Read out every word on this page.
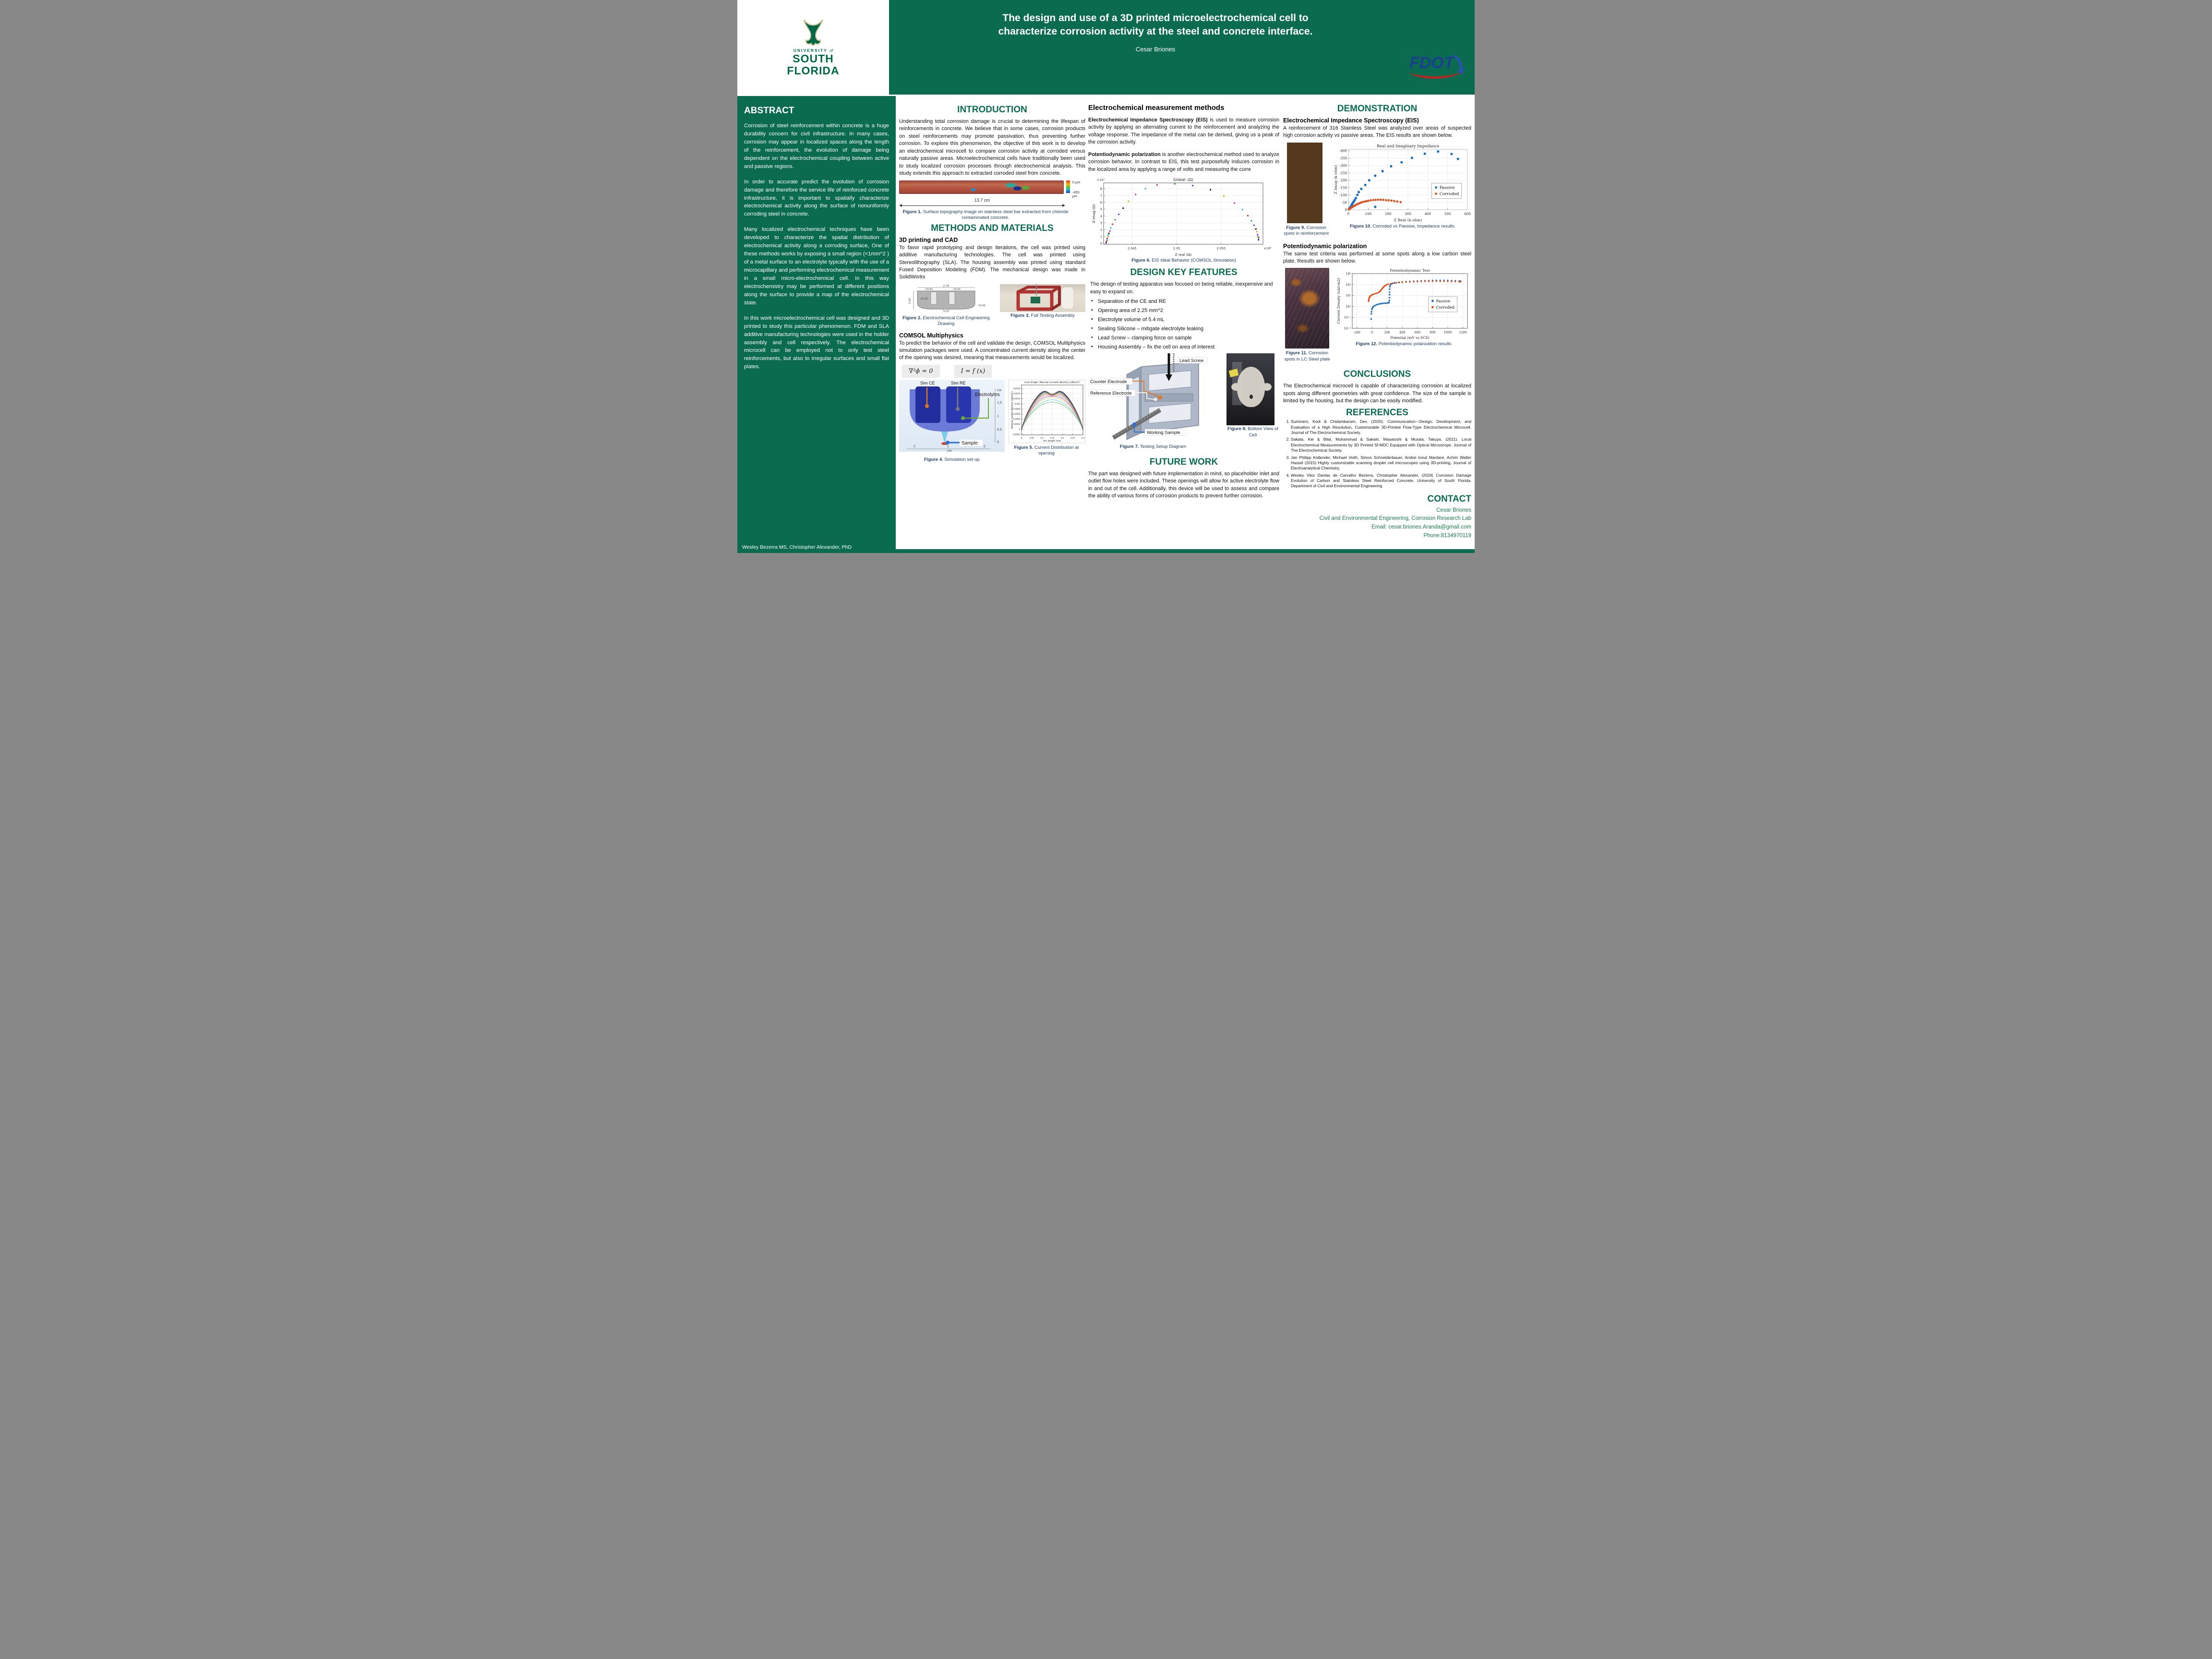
UNIVERSITY of
SOUTH
FLORIDA
The design and use of a 3D printed microelectrochemical cell to
characterize corrosion activity at the steel and concrete interface.
Cesar Briones
FDOT
ABSTRACT

Corrosion of steel reinforcement within concrete is a huge durability concern for civil infrastructure. In many cases, corrosion may appear in localized spaces along the length of the reinforcement, the evolution of damage being dependent on the electrochemical coupling between active and passive regions.

In order to accurate predict the evolution of corrosion damage and therefore the service life of reinforced concrete infrastructure, it is important to spatially characterize electrochemical activity along the surface of nonuniformly corroding steel in concrete.

Many localized electrochemical techniques have been developed to characterize the spatial distribution of electrochemical activity along a corroding surface, One of these methods works by exposing a small region (<1mm^2 ) of a metal surface to an electrolyte typically with the use of a microcapillary and performing electrochemical measurement in a small micro-electrochemical cell. In this way electrochemistry may be performed at different positions along the surface to provide a map of the electrochemical state.

In this work microelectrochemical cell was designed and 3D printed to study this particular phenomenon. FDM and SLA additive manufacturing technologies were used in the holder assembly and cell respectively. The electrochemical microcell can be employed not to only test steel reinforcements, but also to irregular surfaces and small flat plates.

Wesley Bezerra MS, Christopher Alexander, PhD
INTRODUCTION

Understanding total corrosion damage is crucial to determining the lifespan of reinforcements in concrete. We believe that in some cases, corrosion products on steel reinforcements may promote passivation, thus preventing further corrosion. To explore this phenomenon, the objective of this work is to develop an electrochemical microcell to compare corrosion activity at corroded versus naturally passive areas. Microelectrochemical cells have traditionally been used to study localized corrosion processes through electrochemical analysis. This study extends this approach to extracted corroded steel from concrete.

0 μm
-455 μm
13.7 cm
Figure 1. Surface topography image on stainless steel bar extracted from chloride contaminated concrete.
METHODS AND MATERIALS
3D printing and CAD

To favor rapid prototyping and design iterations, the cell was printed using additive manufacturing technologies. The cell was printed using Stereolithography (SLA). The housing assembly was printed using standard Fused Deposition Modeling (FDM). The mechanical design was made in SolidWorks

2.70
∅0.60	∅0.60
2.40	∅0.50
∅0.50
0.15
Figure 2. Electrochemical Cell Engineering Drawing
Figure 3. Full Testing Assembly
COMSOL Multiphysics

To predict the behavior of the cell and validate the design, COMSOL Multiphysics simulation packages were used. A concentrated current density along the center of the opening was desired, meaning that measurements would be localized.

∇²ϕ = 0	I = f (x)
Sim CE	Sim RE
Electrolytes
Sample
cm
1.5
1
0.5
0
2	1	0
cm
Figure 4. Simulation set-up
0	0.05	0.1	0.15	0.2	0.25	0.3
-0.0002
0
0.0002
0.0004
0.0006
0.0008
0.001
0.0012
0.0014
0.0016
Line Graph: Normal current density (uA/cm²)
Arc length (cm)
Normal current density (uA/cm²)
Figure 5. Current Distribution at opening
Electrochemical measurement methods

Electrochemical Impedance Spectroscopy (EIS) is used to measure corrosion activity by applying an alternating current to the reinforcement and analyzing the voltage response. The impedance of the metal can be derived, giving us a peak of the corrosion activity.

Potentiodynamic polarization is another electrochemical method used to analyze corrosion behavior. In contrast to EIS, this test purposefully induces corrosion in the localized area by applying a range of volts and measuring the curre

2.045	2.05	2.055
0
1
2
3
4
5
6
7
8
Global: (Ω)
Z real (Ω)
Z imag (Ω)
×10⁵
×10⁸
Figure 6. EIS Ideal Behavior (COMSOL Simulation)
DESIGN KEY FEATURES

The design of testing apparatus was focused on being reliable, inexpensive and easy to expand on.

• Separation of the CE and RE
• Opening area of 2.25 mm^2
• Electrolyte volume of 5.4 mL
• Sealing Silicone – mitigate electrolyte leaking
• Lead Screw – clamping force on sample
• Housing Assembly – fix the cell on area of interest
Lead Screw
Counter Electrode
Reference Electrode
Working Sample
Figure 7. Testing Setup Diagram
Figure 8. Bottom View of Cell
FUTURE WORK

The part was designed with future implementation in mind, so placeholder inlet and outlet flow holes were included. These openings will allow for active electrolyte flow in and out of the cell. Additionally, this device will be used to assess and compare the ability of various forms of corrosion products to prevent further corrosion.

DEMONSTRATION
Electrochemical Impedance Spectroscopy (EIS)

A reinforcement of 316 Stainless Steel was analyzed over areas of suspected high corrosion activity vs passive areas. The EIS results are shown below.

Figure 9. Corrosion spots in reinforcement
0	100	200	300	400	500	600
0
-50
-100
-150
-200
-250
-300
-350
-400
Real and Imaginary Impedance
Z Real (k ohm)
Z Imag (k ohm)	Passive
Corroded
Figure 10. Corroded vs Passive, Impedance results
Potentiodynamic polarization

The same test criteria was performed at some spots along a low carbon steel plate. Results are shown below.

Figure 11. Corrosion spots in LC Steel plate
-200	0	200	400	600	800	1000 1200
10⁻⁴
10⁻²
10⁰
10²
10⁴
10⁶
Potentiodynamic Test
Potential (mV vs SCE)
Current Density (uA/cm2)	Passive
Corroded
Figure 12. Potentiodynamic polarization results
CONCLUSIONS

The Electrochemical microcell is capable of characterizing corrosion at localized spots along different geometries with great confidence. The size of the sample is limited by the housing, but the design can be easily modified.

REFERENCES
1. Summers, Kodi & Chidambaram, Dev. (2020). Communication—Design, Development, and Evaluation of a High Resolution, Customizable 3D-Printed Flow-Type Electrochemical Microcell. Journal of The Electrochemical Society.
2. Sakata, Kei & Bilal, Muhammad & Sakairi, Masatoshi & Murata, Takuya. (2021). Local Electrochemical Measurements by 3D Printed Sf-MDC Equipped with Optical Microscope. Journal of The Electrochemical Society.
3. Jan Philipp Kollender, Michael Voith, Simon Schneiderbauer, Andrei Ionut Mardare, Achim Walter Hassel (2015) Highly customizable scanning droplet cell microscopes using 3D-printing, Journal of Electroanalytical Chemistry.
4. Wesley Vitor Dantas de Carvalho Bezerra, Christopher Alexander, (2024) Corrosion Damage Evolution of Carbon and Stainless Steel Reinforced Concrete, University of South Florida, Department of Civil and Environmental Engineering
CONTACT
Cesar Briones
Civil and Environmental Engineering, Corrosion Research Lab
Email: cesar.briones.Aranda@gmail.com
Phone:8134970119
